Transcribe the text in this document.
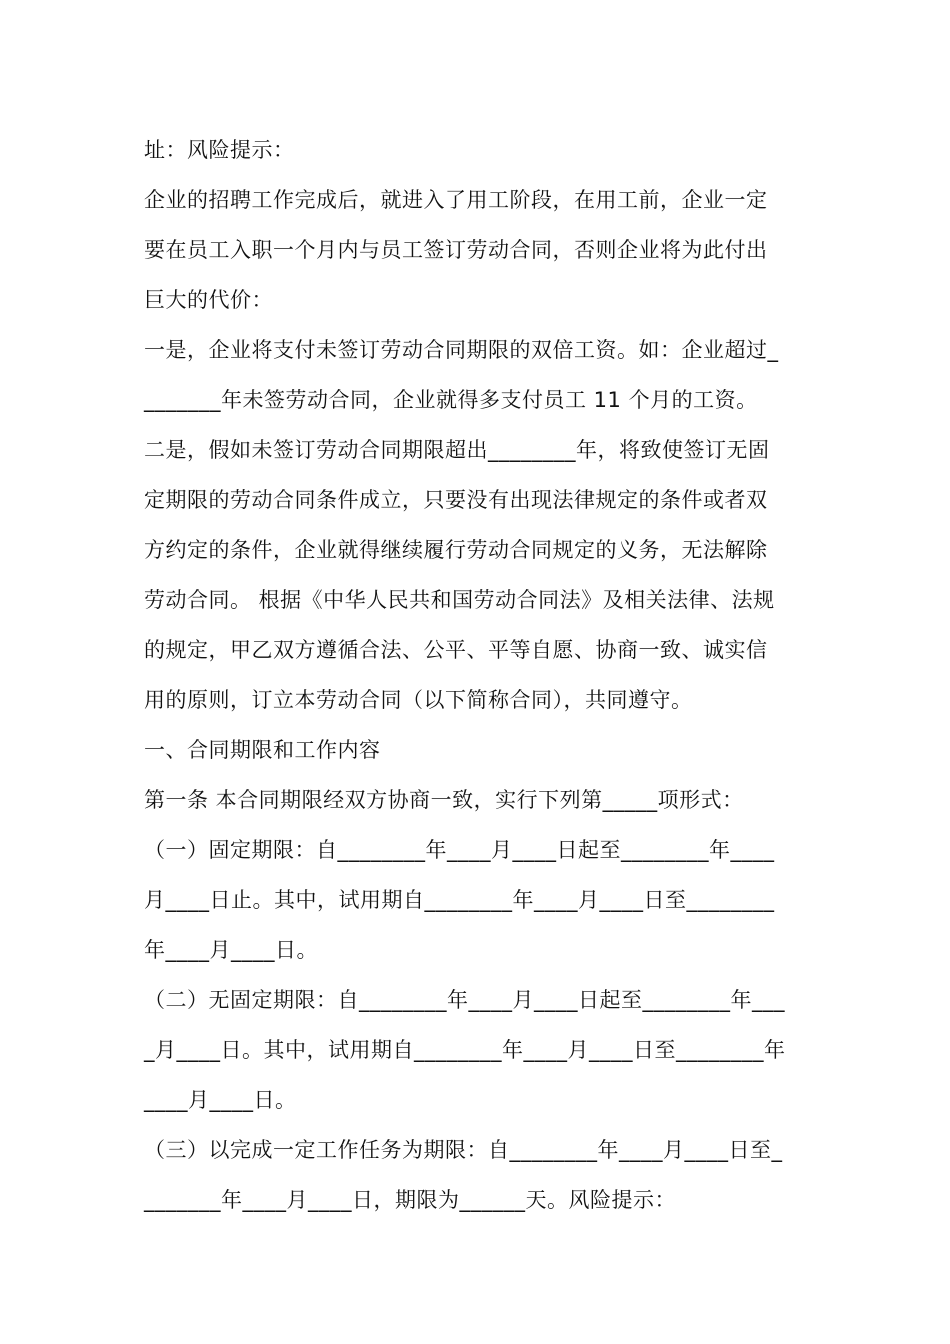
址：风险提示：
企业的招聘工作完成后，就进入了用工阶段，在用工前，企业一定
要在员工入职一个月内与员工签订劳动合同，否则企业将为此付出
巨大的代价：
一是，企业将支付未签订劳动合同期限的双倍工资。如：企业超过_
_______年未签劳动合同，企业就得多支付员工 11 个月的工资。
二是，假如未签订劳动合同期限超出________年，将致使签订无固
定期限的劳动合同条件成立，只要没有出现法律规定的条件或者双
方约定的条件，企业就得继续履行劳动合同规定的义务，无法解除
劳动合同。 根据《中华人民共和国劳动合同法》及相关法律、法规
的规定，甲乙双方遵循合法、公平、平等自愿、协商一致、诚实信
用的原则，订立本劳动合同（以下简称合同），共同遵守。
一、合同期限和工作内容
第一条 本合同期限经双方协商一致，实行下列第_____项形式：
（一）固定期限：自________年____月____日起至________年____
月____日止。其中，试用期自________年____月____日至________
年____月____日。
（二）无固定期限：自________年____月____日起至________年___
_月____日。其中，试用期自________年____月____日至________年
____月____日。
（三）以完成一定工作任务为期限：自________年____月____日至_
_______年____月____日，期限为______天。风险提示：
